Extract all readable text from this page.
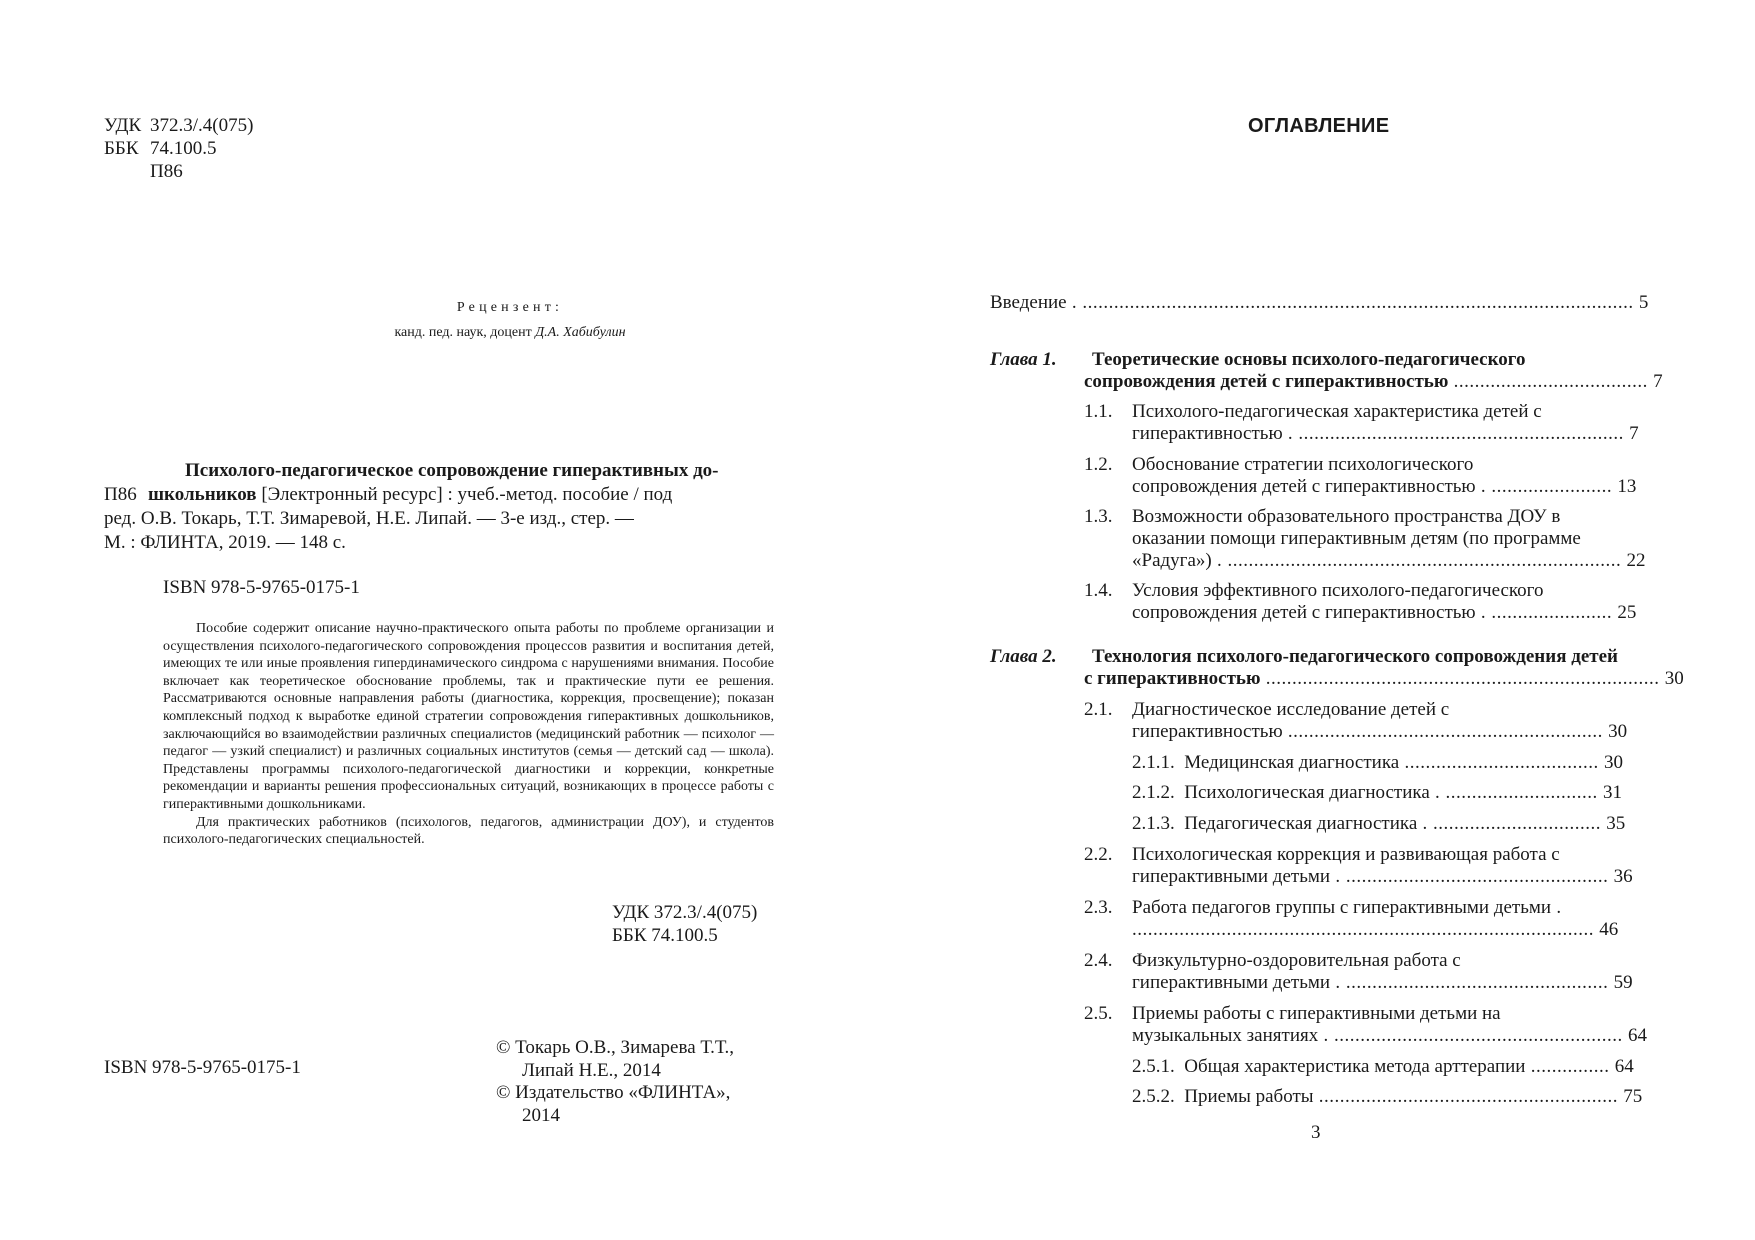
УДК 372.3/.4(075)
ББК 74.100.5
П86
Рецензент:
канд. пед. наук, доцент Д.А. Хабибулин
П86
Психолого-педагогическое сопровождение гиперактивных до-
школьников [Электронный ресурс] : учеб.-метод. пособие / под
ред. О.В. Токарь, Т.Т. Зимаревой, Н.Е. Липай. — 3-е изд., стер. —
М. : ФЛИНТА, 2019. — 148 с.
ISBN 978-5-9765-0175-1

Пособие содержит описание научно-практического опыта работы по проблеме организации и осуществления психолого-педагогического сопровождения процессов развития и воспитания детей, имеющих те или иные проявления гипердинамического синдрома с нарушениями внимания. Пособие включает как теоретическое обоснование проблемы, так и практические пути ее решения. Рассматриваются основные направления работы (диагностика, коррекция, просвещение); показан комплексный подход к выработке единой стратегии сопровождения гиперактивных дошкольников, заключающийся во взаимодействии различных специалистов (медицинский работник — психолог — педагог — узкий специалист) и различных социальных институтов (семья — детский сад — школа). Представлены программы психолого-педагогической диагностики и коррекции, конкретные рекомендации и варианты решения профессиональных ситуаций, возникающих в процессе работы с гиперактивными дошкольниками.

Для практических работников (психологов, педагогов, администрации ДОУ), и студентов психолого-педагогических специальностей.

УДК 372.3/.4(075)
ББК 74.100.5
ISBN 978-5-9765-0175-1
© Токарь О.В., Зимарева Т.Т.,
Липай Н.Е., 2014
© Издательство «ФЛИНТА»,
2014
ОГЛАВЛЕНИЕ
Введение . ......................................................................................................... 5
Глава 1. Теоретические основы психолого-педагогического
сопровождения детей с гиперактивностью ..................................... 7
1.1. Психолого-педагогическая характеристика детей с
гиперактивностью . .............................................................. 7
1.2. Обоснование стратегии психологического
сопровождения детей с гиперактивностью . ....................... 13
1.3. Возможности образовательного пространства ДОУ в
оказании помощи гиперактивным детям (по программе
«Радуга») . ........................................................................... 22
1.4. Условия эффективного психолого-педагогического
сопровождения детей с гиперактивностью . ....................... 25
Глава 2. Технология психолого-педагогического сопровождения детей
с гиперактивностью ........................................................................... 30
2.1. Диагностическое исследование детей с
гиперактивностью ............................................................ 30
2.1.1. Медицинская диагностика ..................................... 30
2.1.2. Психологическая диагностика . ............................. 31
2.1.3. Педагогическая диагностика . ................................ 35
2.2. Психологическая коррекция и развивающая работа с
гиперактивными детьми . .................................................. 36
2.3. Работа педагогов группы с гиперактивными детьми .
........................................................................................ 46
2.4. Физкультурно-оздоровительная работа с
гиперактивными детьми . .................................................. 59
2.5. Приемы работы с гиперактивными детьми на
музыкальных занятиях . ....................................................... 64
2.5.1. Общая характеристика метода арттерапии ............... 64
2.5.2. Приемы работы ......................................................... 75
3
